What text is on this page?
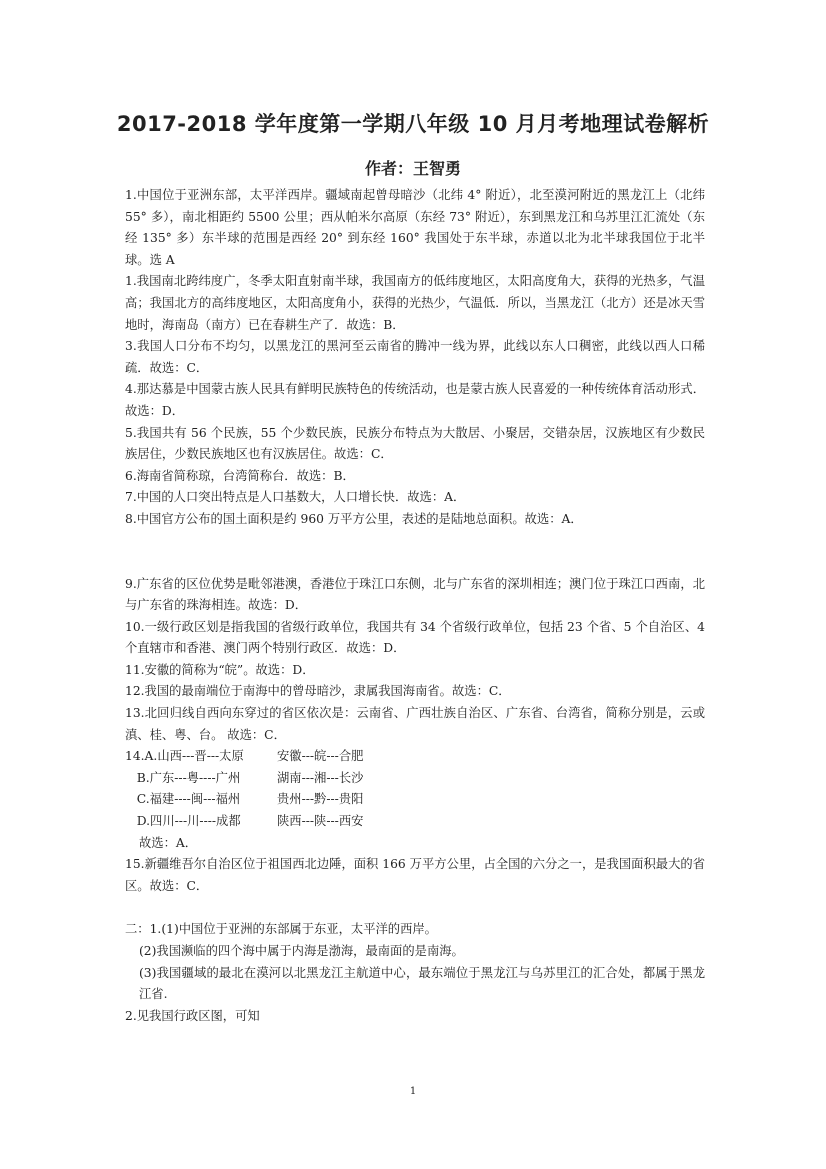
2017-2018 学年度第一学期八年级 10 月月考地理试卷解析
作者：王智勇

1.中国位于亚洲东部，太平洋西岸。疆域南起曾母暗沙（北纬 4° 附近），北至漠河附近的黑龙江上（北纬 55° 多），南北相距约 5500 公里；西从帕米尔高原（东经 73° 附近），东到黑龙江和乌苏里江汇流处（东经 135° 多）东半球的范围是西经 20° 到东经 160° 我国处于东半球，赤道以北为北半球我国位于北半球。选 A

1.我国南北跨纬度广，冬季太阳直射南半球，我国南方的低纬度地区，太阳高度角大，获得的光热多，气温高；我国北方的高纬度地区，太阳高度角小，获得的光热少，气温低．所以，当黑龙江（北方）还是冰天雪地时，海南岛（南方）已在春耕生产了．故选：B．

3.我国人口分布不均匀，以黑龙江的黑河至云南省的腾冲一线为界，此线以东人口稠密，此线以西人口稀疏．故选：C．

4.那达慕是中国蒙古族人民具有鲜明民族特色的传统活动，也是蒙古族人民喜爱的一种传统体育活动形式．故选：D．

5.我国共有 56 个民族，55 个少数民族，民族分布特点为大散居、小聚居，交错杂居，汉族地区有少数民族居住，少数民族地区也有汉族居住。故选：C．

6.海南省简称琼，台湾简称台．故选：B．

7.中国的人口突出特点是人口基数大，人口增长快．故选：A．

8.中国官方公布的国土面积是约 960 万平方公里，表述的是陆地总面积。故选：A．

9.广东省的区位优势是毗邻港澳，香港位于珠江口东侧，北与广东省的深圳相连；澳门位于珠江口西南，北与广东省的珠海相连。故选：D．

10.一级行政区划是指我国的省级行政单位，我国共有 34 个省级行政单位，包括 23 个省、5 个自治区、4 个直辖市和香港、澳门两个特别行政区．故选：D．

11.安徽的简称为“皖”。故选：D．

12.我国的最南端位于南海中的曾母暗沙，隶属我国海南省。故选：C．

13.北回归线自西向东穿过的省区依次是：云南省、广西壮族自治区、广东省、台湾省，简称分别是，云或滇、桂、粤、台。 故选：C．

14.A.山西---晋---太原	安徽---皖---合肥
B.广东---粤----广州	湖南---湘---长沙
C.福建----闽---福州	贵州---黔---贵阳
D.四川---川----成都	陕西---陕---西安

故选：A．

15.新疆维吾尔自治区位于祖国西北边陲，面积 166 万平方公里，占全国的六分之一，是我国面积最大的省区。故选：C．

二：1.(1)中国位于亚洲的东部属于东亚，太平洋的西岸。

(2)我国濒临的四个海中属于内海是渤海，最南面的是南海。

(3)我国疆域的最北在漠河以北黑龙江主航道中心，最东端位于黑龙江与乌苏里江的汇合处，都属于黑龙江省.

2.见我国行政区图，可知

1
